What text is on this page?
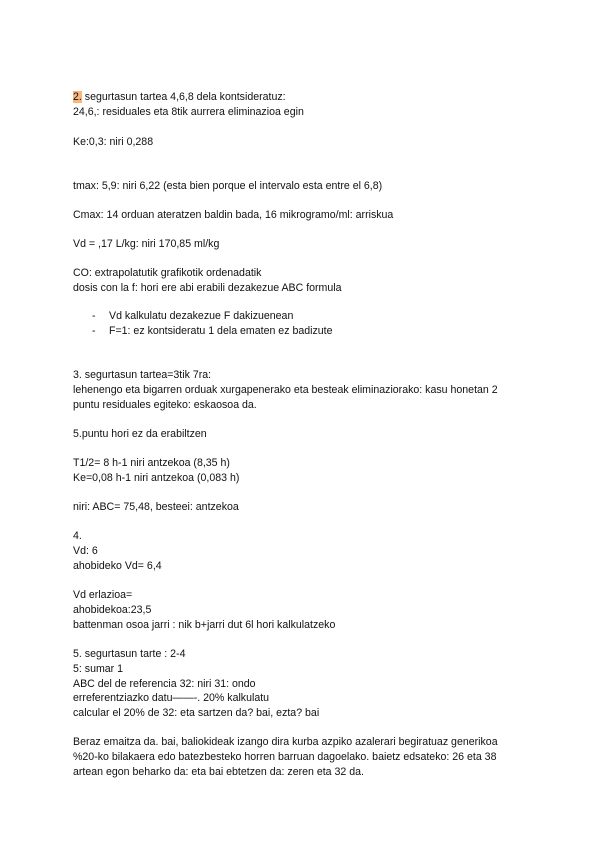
2. segurtasun tartea 4,6,8 dela kontsideratuz:
24,6,: residuales eta 8tik aurrera eliminazioa egin
Ke:0,3: niri 0,288
tmax: 5,9: niri 6,22 (esta bien porque el intervalo esta entre el 6,8)
Cmax: 14 orduan ateratzen baldin bada, 16 mikrogramo/ml: arriskua
Vd = ,17 L/kg: niri 170,85 ml/kg
CO: extrapolatutik grafikotik ordenadatik
dosis con la f: hori ere abi erabili dezakezue ABC formula
- Vd kalkulatu dezakezue F dakizuenean
- F=1: ez kontsideratu 1 dela ematen ez badizute
3. segurtasun tartea=3tik 7ra:
lehenengo eta bigarren orduak xurgapenerako eta besteak eliminaziorako: kasu honetan 2
puntu residuales egiteko: eskaosoa da.
5.puntu hori ez da erabiltzen
T1/2= 8 h-1 niri antzekoa (8,35 h)
Ke=0,08 h-1 niri antzekoa (0,083 h)
niri: ABC= 75,48, besteei: antzekoa
4.
Vd: 6
ahobideko Vd= 6,4
Vd erlazioa=
ahobidekoa:23,5
battenman osoa jarri : nik b+jarri dut 6l hori kalkulatzeko
5. segurtasun tarte : 2-4
5: sumar 1
ABC del de referencia 32: niri 31: ondo
erreferentziazko datu——-. 20% kalkulatu
calcular el 20% de 32: eta sartzen da? bai, ezta? bai
Beraz emaitza da. bai, baliokideak izango dira kurba azpiko azalerari begiratuaz generikoa
%20-ko bilakaera edo batezbesteko horren barruan dagoelako. baietz edsateko: 26 eta 38
artean egon beharko da: eta bai ebtetzen da: zeren eta 32 da.
